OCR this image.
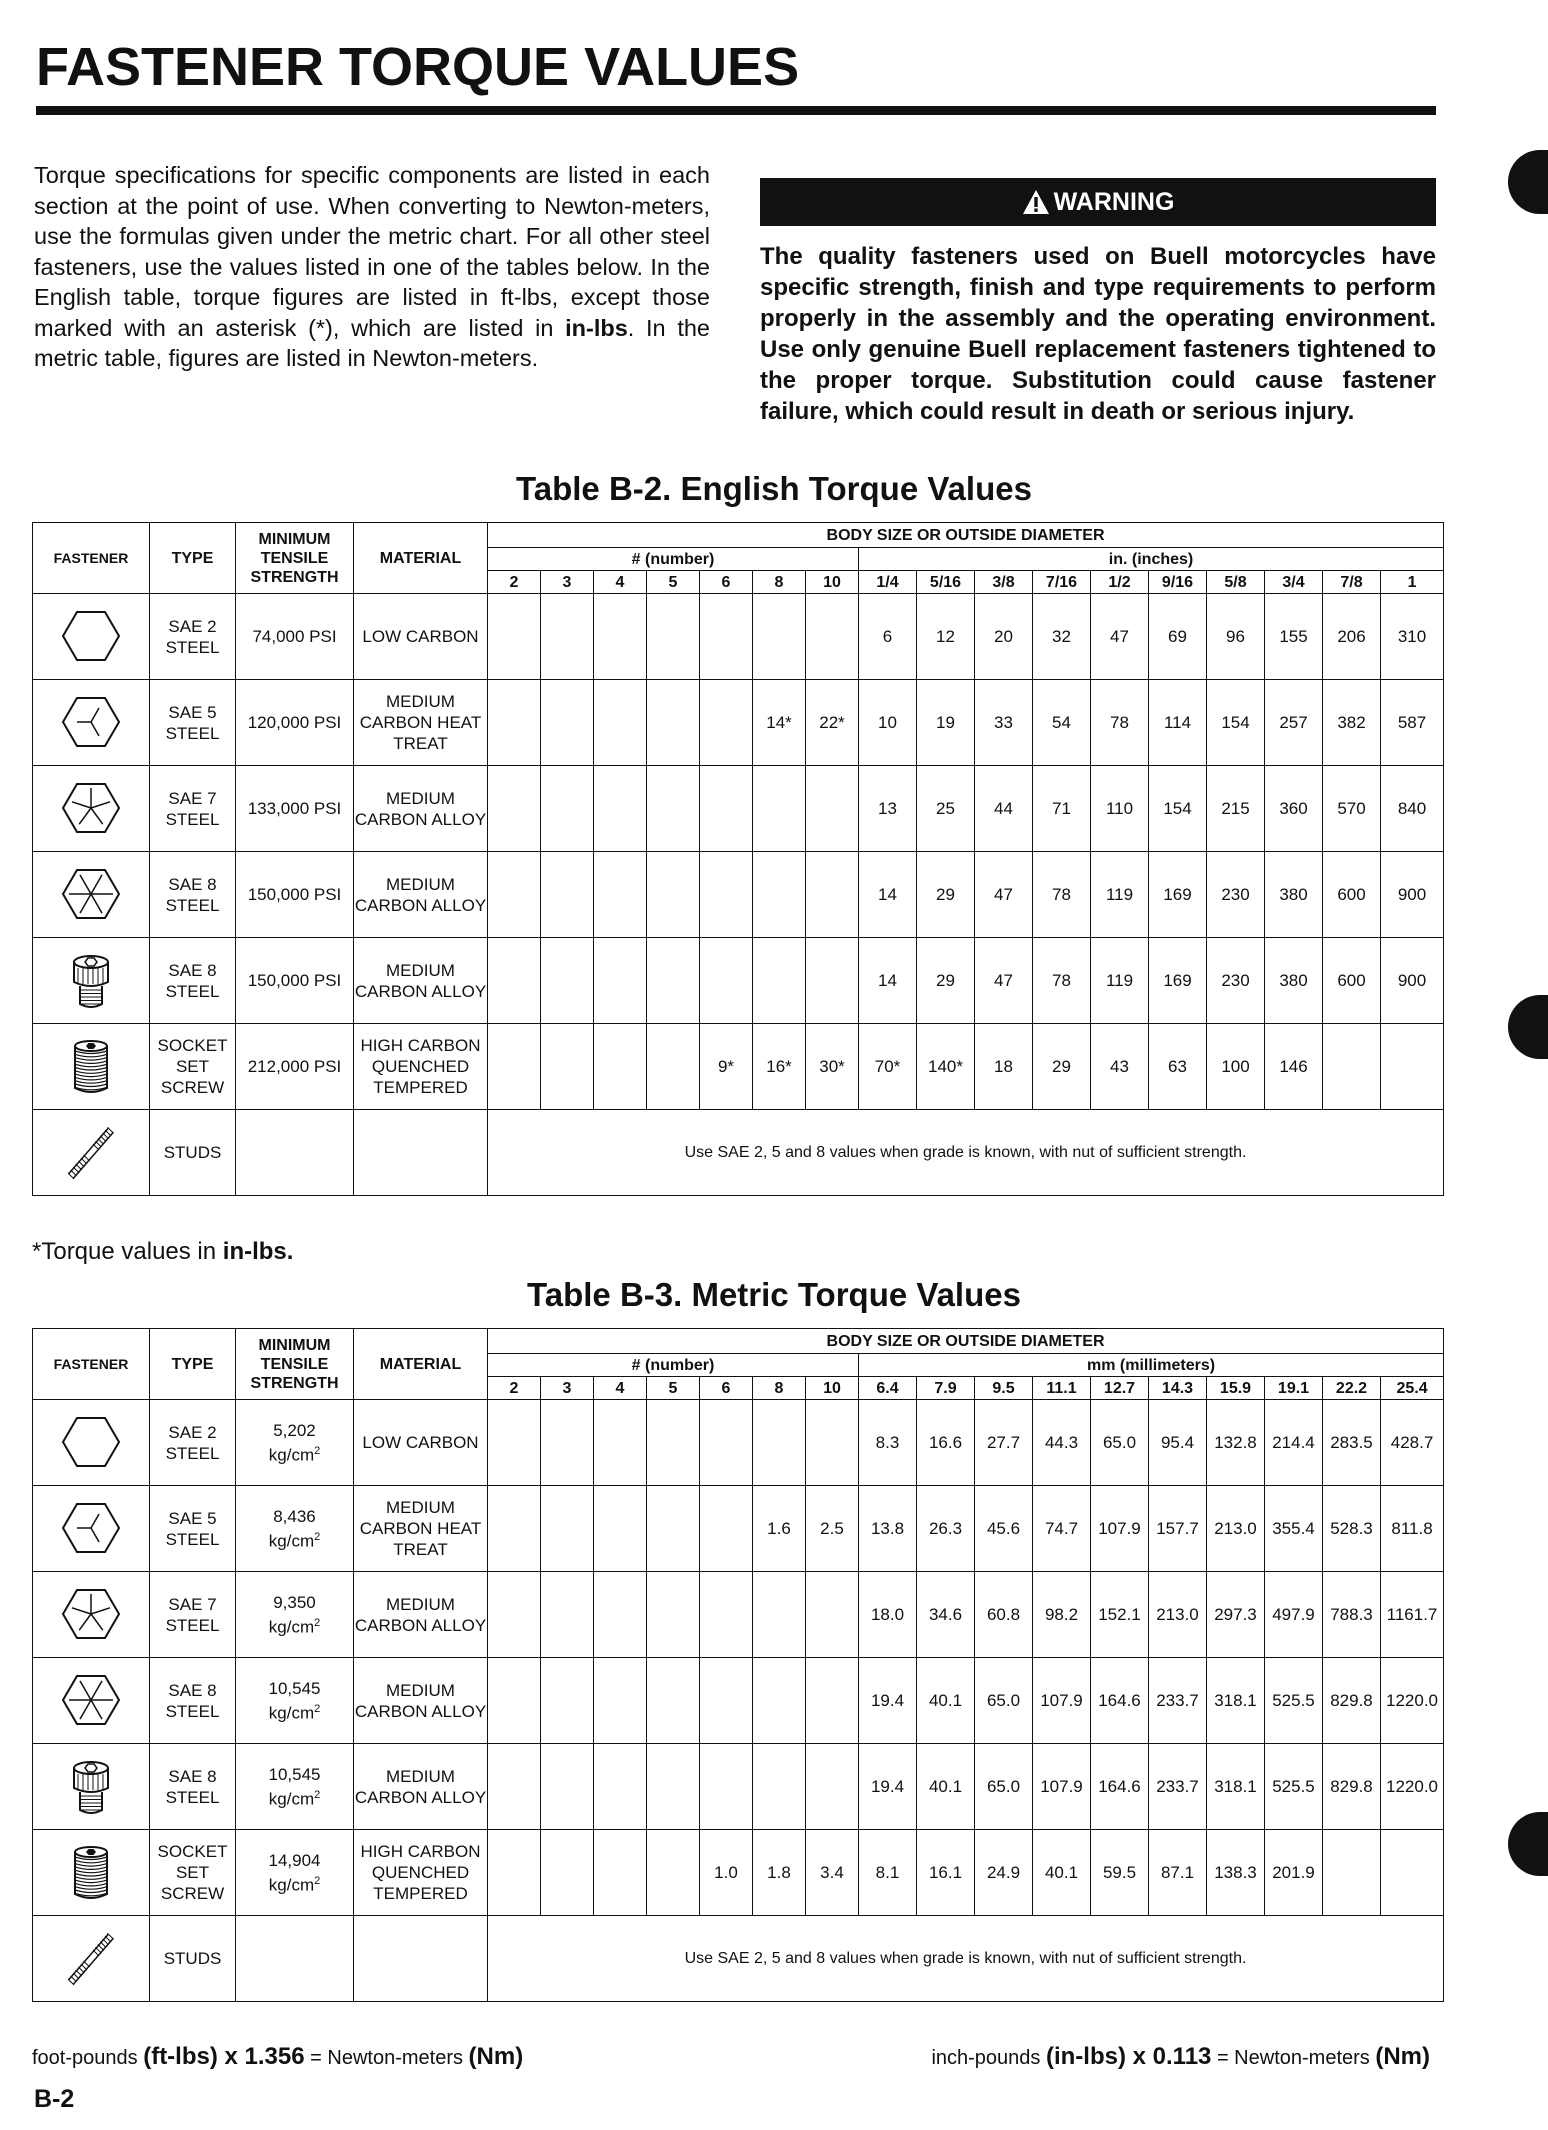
FASTENER TORQUE VALUES
Torque specifications for specific components are listed in each section at the point of use. When converting to Newton-meters, use the formulas given under the metric chart. For all other steel fasteners, use the values listed in one of the tables below. In the English table, torque figures are listed in ft-lbs, except those marked with an asterisk (*), which are listed in in-lbs. In the metric table, figures are listed in Newton-meters.
WARNING
The quality fasteners used on Buell motorcycles have specific strength, finish and type requirements to perform properly in the assembly and the operating environment. Use only genuine Buell replacement fasteners tightened to the proper torque. Substitution could cause fastener failure, which could result in death or serious injury.
Table B-2. English Torque Values
FASTENER	TYPE	MINIMUM TENSILE STRENGTH	MATERIAL	BODY SIZE OR OUTSIDE DIAMETER																
				# (number)							in. (inches)									
				2	3	4	5	6	8	10	1/4	5/16	3/8	7/16	1/2	9/16	5/8	3/4	7/8	1

	SAE 2 STEEL	74,000 PSI	LOW CARBON								6	12	20	32	47	69	96	155	206	310

	SAE 5 STEEL	120,000 PSI	MEDIUM CARBON HEAT TREAT						14*	22*	10	19	33	54	78	114	154	257	382	587

	SAE 7 STEEL	133,000 PSI	MEDIUM CARBON ALLOY								13	25	44	71	110	154	215	360	570	840

	SAE 8 STEEL	150,000 PSI	MEDIUM CARBON ALLOY								14	29	47	78	119	169	230	380	600	900

	SAE 8 STEEL	150,000 PSI	MEDIUM CARBON ALLOY								14	29	47	78	119	169	230	380	600	900

	SOCKET SET SCREW	212,000 PSI	HIGH CARBON QUENCHED TEMPERED					9*	16*	30*	70*	140*	18	29	43	63	100	146		

	STUDS			Use SAE 2, 5 and 8 values when grade is known, with nut of sufficient strength.																
*Torque values in in-lbs.
Table B-3. Metric Torque Values
FASTENER	TYPE	MINIMUM TENSILE STRENGTH	MATERIAL	BODY SIZE OR OUTSIDE DIAMETER																
				# (number)							mm (millimeters)									
				2	3	4	5	6	8	10	6.4	7.9	9.5	11.1	12.7	14.3	15.9	19.1	22.2	25.4

	SAE 2 STEEL	5,202
$kg/cm^2$	LOW CARBON								8.3	16.6	27.7	44.3	65.0	95.4	132.8	214.4	283.5	428.7

	SAE 5 STEEL	8,436
$kg/cm^2$	MEDIUM CARBON HEAT TREAT						1.6	2.5	13.8	26.3	45.6	74.7	107.9	157.7	213.0	355.4	528.3	811.8

	SAE 7 STEEL	9,350
$kg/cm^2$	MEDIUM CARBON ALLOY								18.0	34.6	60.8	98.2	152.1	213.0	297.3	497.9	788.3	1161.7

	SAE 8 STEEL	10,545
$kg/cm^2$	MEDIUM CARBON ALLOY								19.4	40.1	65.0	107.9	164.6	233.7	318.1	525.5	829.8	1220.0

	SAE 8 STEEL	10,545
$kg/cm^2$	MEDIUM CARBON ALLOY								19.4	40.1	65.0	107.9	164.6	233.7	318.1	525.5	829.8	1220.0

	SOCKET SET SCREW	14,904
$kg/cm^2$	HIGH CARBON QUENCHED TEMPERED					1.0	1.8	3.4	8.1	16.1	24.9	40.1	59.5	87.1	138.3	201.9		

	STUDS			Use SAE 2, 5 and 8 values when grade is known, with nut of sufficient strength.																
foot-pounds (ft-lbs) x 1.356 = Newton-meters (Nm)	inch-pounds (in-lbs) x 0.113 = Newton-meters (Nm)
B-2
